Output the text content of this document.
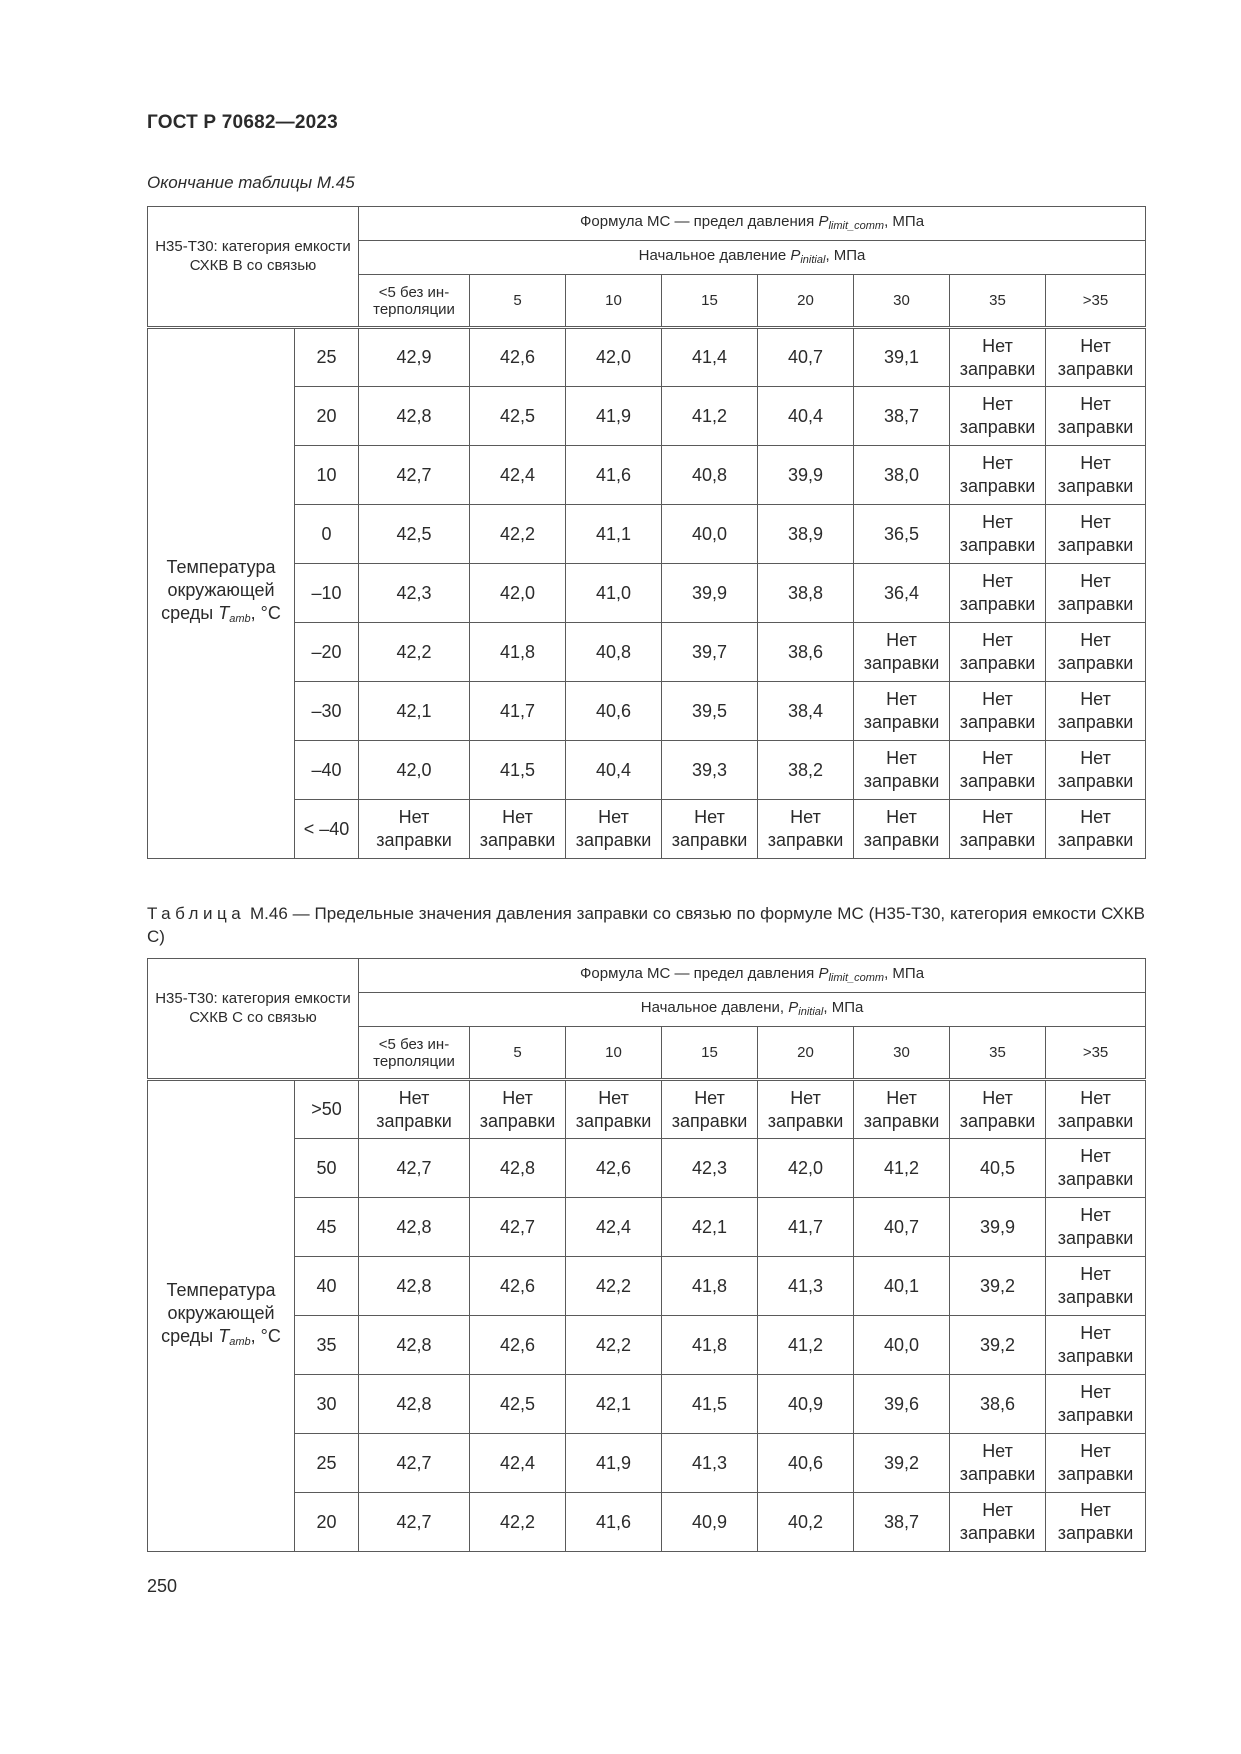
ГОСТ Р 70682—2023
Окончание таблицы М.45
Н35-Т30: категория емкости СХКВ В со связью		Формула МС — предел давления $P_{limit\_comm}$, МПа							
		Начальное давление $P_{initial}$, МПа							
		<5 без ин-терполяции	5	10	15	20	30	35	>35
Температура окружающей среды $T_{amb}$, °С	25	42,9	42,6	42,0	41,4	40,7	39,1	Нет заправки	Нет заправки
	20	42,8	42,5	41,9	41,2	40,4	38,7	Нет заправки	Нет заправки
	10	42,7	42,4	41,6	40,8	39,9	38,0	Нет заправки	Нет заправки
	0	42,5	42,2	41,1	40,0	38,9	36,5	Нет заправки	Нет заправки
	–10	42,3	42,0	41,0	39,9	38,8	36,4	Нет заправки	Нет заправки
	–20	42,2	41,8	40,8	39,7	38,6	Нет заправки	Нет заправки	Нет заправки
	–30	42,1	41,7	40,6	39,5	38,4	Нет заправки	Нет заправки	Нет заправки
	–40	42,0	41,5	40,4	39,3	38,2	Нет заправки	Нет заправки	Нет заправки
	< –40	Нет заправки	Нет заправки	Нет заправки	Нет заправки	Нет заправки	Нет заправки	Нет заправки	Нет заправки
Таблица М.46 — Предельные значения давления заправки со связью по формуле МС (Н35-Т30, категория емкости СХКВ С)
Н35-Т30: категория емкости СХКВ С со связью		Формула МС — предел давления $P_{limit\_comm}$, МПа							
		Начальное давлени, $P_{initial}$, МПа							
		<5 без ин-терполяции	5	10	15	20	30	35	>35
Температура окружающей среды $T_{amb}$, °С	>50	Нет заправки	Нет заправки	Нет заправки	Нет заправки	Нет заправки	Нет заправки	Нет заправки	Нет заправки
	50	42,7	42,8	42,6	42,3	42,0	41,2	40,5	Нет заправки
	45	42,8	42,7	42,4	42,1	41,7	40,7	39,9	Нет заправки
	40	42,8	42,6	42,2	41,8	41,3	40,1	39,2	Нет заправки
	35	42,8	42,6	42,2	41,8	41,2	40,0	39,2	Нет заправки
	30	42,8	42,5	42,1	41,5	40,9	39,6	38,6	Нет заправки
	25	42,7	42,4	41,9	41,3	40,6	39,2	Нет заправки	Нет заправки
	20	42,7	42,2	41,6	40,9	40,2	38,7	Нет заправки	Нет заправки
250
